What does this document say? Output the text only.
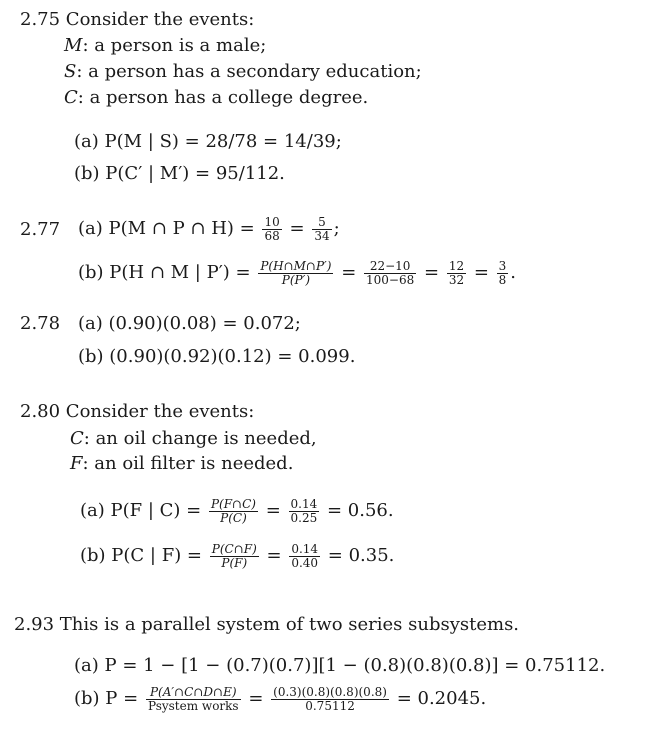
2.75 Consider the events:
M: a person is a male;
S: a person has a secondary education;
C: a person has a college degree.
(a) P(M | S) = 28/78 = 14/39;
(b) P(C′ | M′) = 95/112.
2.77 (a) P(M ∩ P ∩ $H) = \frac{10}{68} = \frac{5}{34}$ ;
(b) P(H ∩ M | $P') = \frac{P(H\cap M\cap P')}{P(P')} = \frac{22-10}{100-68} = \frac{12}{32} = \frac{3}{8}$ .
2.78 (a) (0.90)(0.08) = 0.072;
(b) (0.90)(0.92)(0.12) = 0.099.
2.80 Consider the events:
C: an oil change is needed,
F: an oil filter is needed.
(a) P(F | $C) = \frac{P(F\cap C)}{P(C)} = \frac{0.14}{0.25} = 0.56$.
(b) P(C | $F) = \frac{P(C\cap F)}{P(F)} = \frac{0.14}{0.40} = 0.35$.
2.93 This is a parallel system of two series subsystems.
(a) P = 1 − [1 − (0.7)(0.7)][1 − (0.8)(0.8)(0.8)] = 0.75112.
(b) $P = \frac{P(A'\cap C\cap D\cap E)}{\text{Psystem works}} = \frac{(0.3)(0.8)(0.8)(0.8)}{0.75112} = 0.2045$.
